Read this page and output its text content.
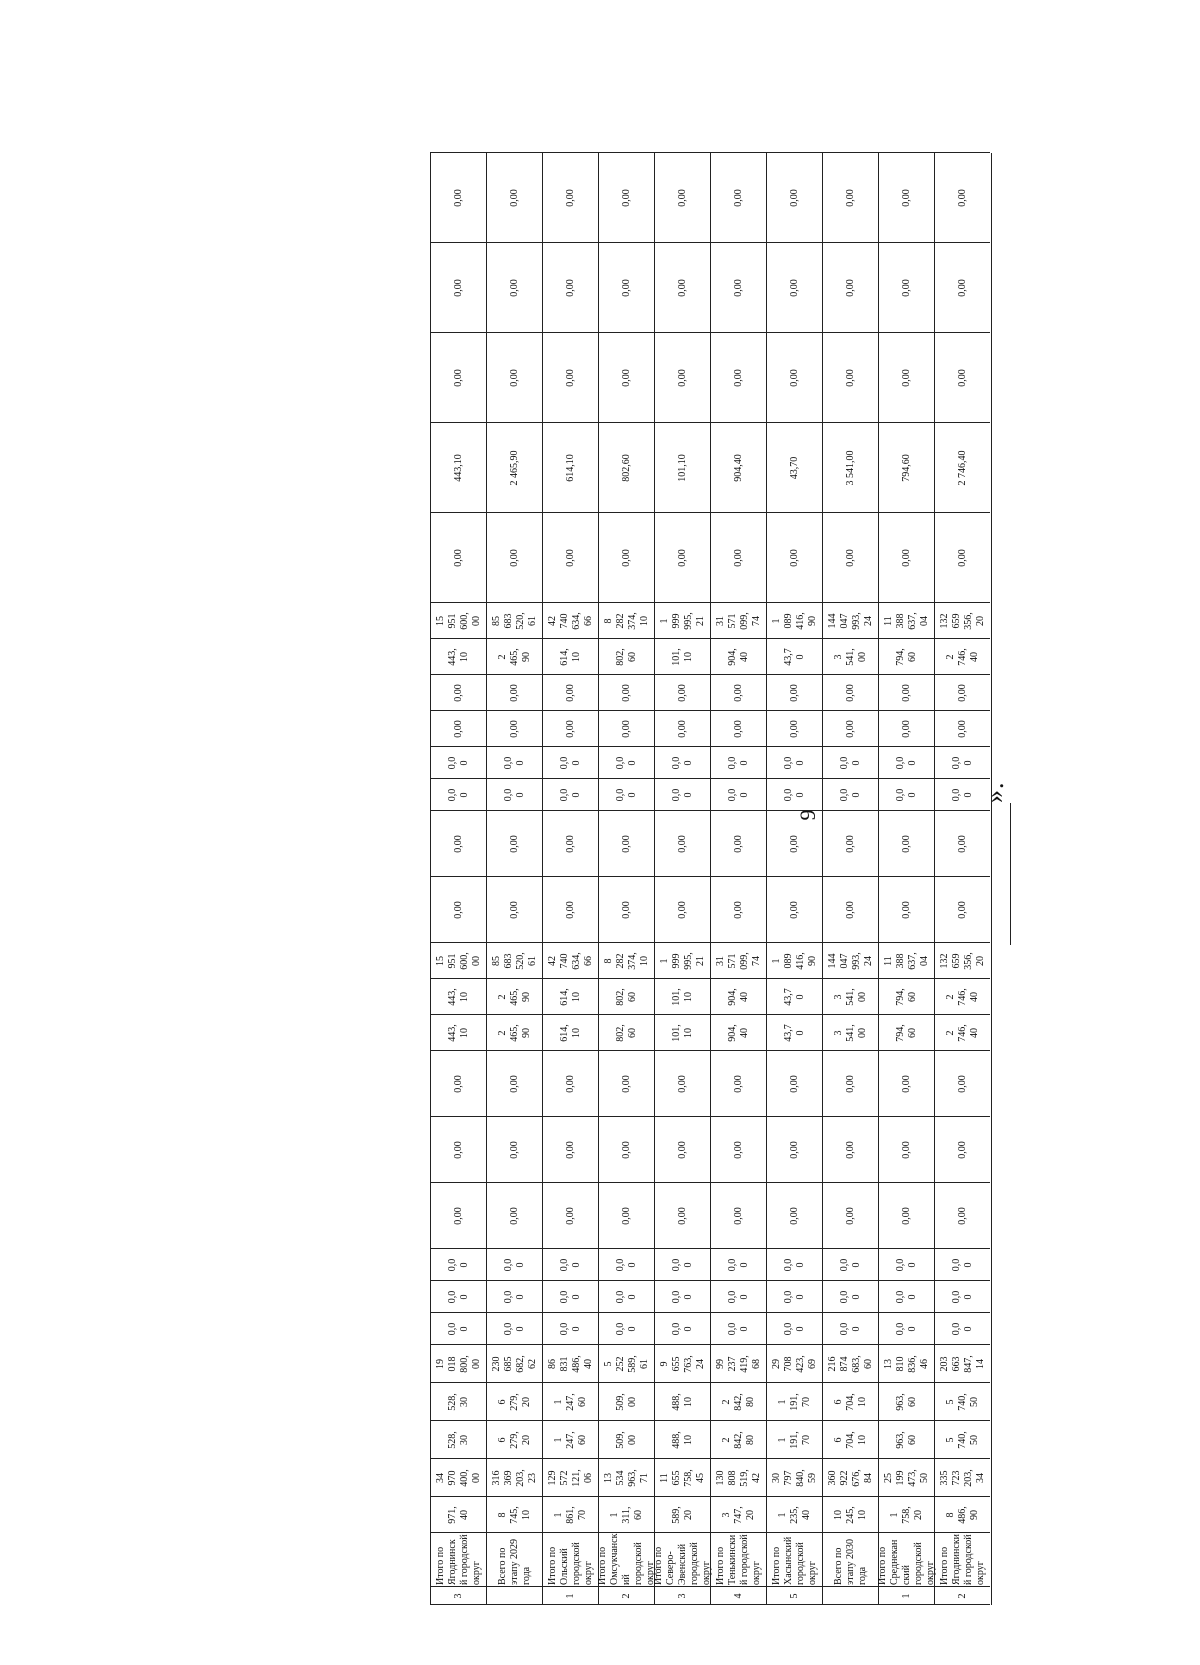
9
3
Итого по
Ягоднинск
й городской
округ
971,
40
34
970
400,
00
528,
30
528,
30
19
018
800,
00
0,0
0
0,0
0
0,0
0
0,00
0,00
0,00
443,
10
443,
10
15
951
600,
00
0,00
0,00
0,0
0
0,0
0
0,00
0,00
443,
10
15
951
600,
00
0,00
443,10
0,00
0,00
0,00
Всего по
этапу 2029
года
8
745,
10
316
369
203,
23
6
279,
20
6
279,
20
230
685
682,
62
0,0
0
0,0
0
0,0
0
0,00
0,00
0,00
2
465,
90
2
465,
90
85
683
520,
61
0,00
0,00
0,0
0
0,0
0
0,00
0,00
2
465,
90
85
683
520,
61
0,00
2 465,90
0,00
0,00
0,00
1
Итого по
Ольский
городской
округ
1
861,
70
129
572
121,
06
1
247,
60
1
247,
60
86
831
486,
40
0,0
0
0,0
0
0,0
0
0,00
0,00
0,00
614,
10
614,
10
42
740
634,
66
0,00
0,00
0,0
0
0,0
0
0,00
0,00
614,
10
42
740
634,
66
0,00
614,10
0,00
0,00
0,00
2
Итого по
Омсукчанск
ий
городской
округ
1
311,
60
13
534
963,
71
509,
00
509,
00
5
252
589,
61
0,0
0
0,0
0
0,0
0
0,00
0,00
0,00
802,
60
802,
60
8
282
374,
10
0,00
0,00
0,0
0
0,0
0
0,00
0,00
802,
60
8
282
374,
10
0,00
802,60
0,00
0,00
0,00
3
Итого по
Северо-
Эвенский
городской
округ
589,
20
11
655
758,
45
488,
10
488,
10
9
655
763,
24
0,0
0
0,0
0
0,0
0
0,00
0,00
0,00
101,
10
101,
10
1
999
995,
21
0,00
0,00
0,0
0
0,0
0
0,00
0,00
101,
10
1
999
995,
21
0,00
101,10
0,00
0,00
0,00
4
Итого по
Тенькински
й городской
округ
3
747,
20
130
808
519,
42
2
842,
80
2
842,
80
99
237
419,
68
0,0
0
0,0
0
0,0
0
0,00
0,00
0,00
904,
40
904,
40
31
571
099,
74
0,00
0,00
0,0
0
0,0
0
0,00
0,00
904,
40
31
571
099,
74
0,00
904,40
0,00
0,00
0,00
5
Итого по
Хасынский
городской
округ
1
235,
40
30
797
840,
59
1
191,
70
1
191,
70
29
708
423,
69
0,0
0
0,0
0
0,0
0
0,00
0,00
0,00
43,7
0
43,7
0
1
089
416,
90
0,00
0,00
0,0
0
0,0
0
0,00
0,00
43,7
0
1
089
416,
90
0,00
43,70
0,00
0,00
0,00
Всего по
этапу 2030
года
10
245,
10
360
922
676,
84
6
704,
10
6
704,
10
216
874
683,
60
0,0
0
0,0
0
0,0
0
0,00
0,00
0,00
3
541,
00
3
541,
00
144
047
993,
24
0,00
0,00
0,0
0
0,0
0
0,00
0,00
3
541,
00
144
047
993,
24
0,00
3 541,00
0,00
0,00
0,00
1
Итого по
Среднекан
ский
городской
округ
1
758,
20
25
199
473,
50
963,
60
963,
60
13
810
836,
46
0,0
0
0,0
0
0,0
0
0,00
0,00
0,00
794,
60
794,
60
11
388
637,
04
0,00
0,00
0,0
0
0,0
0
0,00
0,00
794,
60
11
388
637,
04
0,00
794,60
0,00
0,00
0,00
2
Итого по
Ягоднински
й городской
округ
8
486,
90
335
723
203,
34
5
740,
50
5
740,
50
203
663
847,
14
0,0
0
0,0
0
0,0
0
0,00
0,00
0,00
2
746,
40
2
746,
40
132
659
356,
20
0,00
0,00
0,0
0
0,0
0
0,00
0,00
2
746,
40
132
659
356,
20
0,00
2 746,40
0,00
0,00
0,00
».
